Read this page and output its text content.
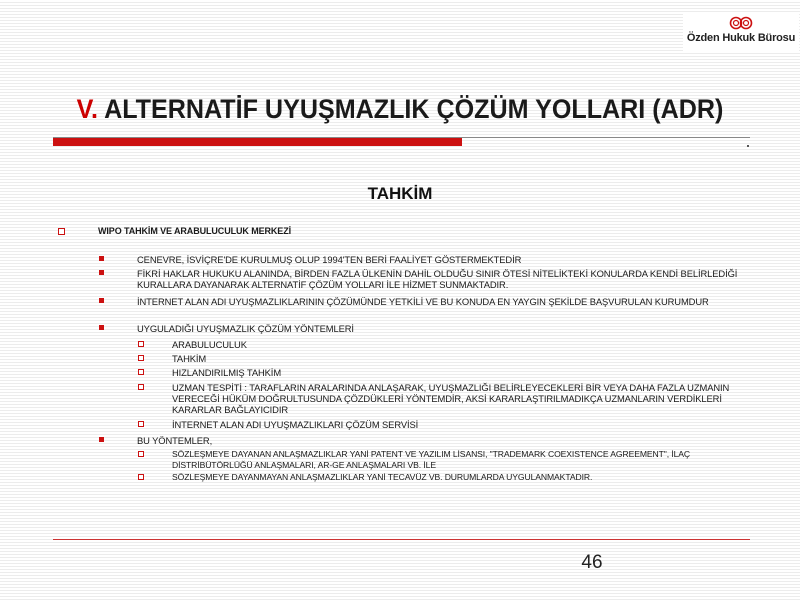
Özden Hukuk Bürosu
V. ALTERNATİF UYUŞMAZLIK ÇÖZÜM YOLLARI (ADR)
TAHKİM
WIPO TAHKİM VE ARABULUCULUK MERKEZİ
CENEVRE, İSVİÇRE'DE KURULMUŞ OLUP 1994'TEN BERİ FAALİYET GÖSTERMEKTEDİR
FİKRİ HAKLAR HUKUKU ALANINDA, BİRDEN FAZLA ÜLKENİN DAHİL OLDUĞU SINIR ÖTESİ NİTELİKTEKİ KONULARDA KENDİ BELİRLEDİĞİ KURALLARA DAYANARAK ALTERNATİF ÇÖZÜM YOLLARI İLE HİZMET SUNMAKTADIR.
İNTERNET ALAN ADI UYUŞMAZLIKLARININ ÇÖZÜMÜNDE YETKİLİ VE BU KONUDA EN YAYGIN ŞEKİLDE BAŞVURULAN KURUMDUR
UYGULADIĞI UYUŞMAZLIK ÇÖZÜM YÖNTEMLERİ
ARABULUCULUK
TAHKİM
HIZLANDIRILMIŞ TAHKİM
UZMAN TESPİTİ : TARAFLARIN ARALARINDA ANLAŞARAK, UYUŞMAZLIĞI BELİRLEYECEKLERİ BİR VEYA DAHA FAZLA UZMANIN VERECEĞİ HÜKÜM DOĞRULTUSUNDA ÇÖZDÜKLERİ YÖNTEMDİR, AKSİ KARARLAŞTIRILMADIKÇA UZMANLARIN VERDİKLERİ KARARLAR BAĞLAYICIDIR
İNTERNET ALAN ADI UYUŞMAZLIKLARI ÇÖZÜM SERVİSİ
BU YÖNTEMLER,
SÖZLEŞMEYE DAYANAN ANLAŞMAZLIKLAR YANİ PATENT VE YAZILIM LİSANSI, "TRADEMARK COEXISTENCE AGREEMENT", İLAÇ DİSTRİBÜTÖRLÜĞÜ ANLAŞMALARI, AR-GE ANLAŞMALARI VB. İLE
SÖZLEŞMEYE DAYANMAYAN ANLAŞMAZLIKLAR YANİ TECAVÜZ VB. DURUMLARDA UYGULANMAKTADIR.
46
